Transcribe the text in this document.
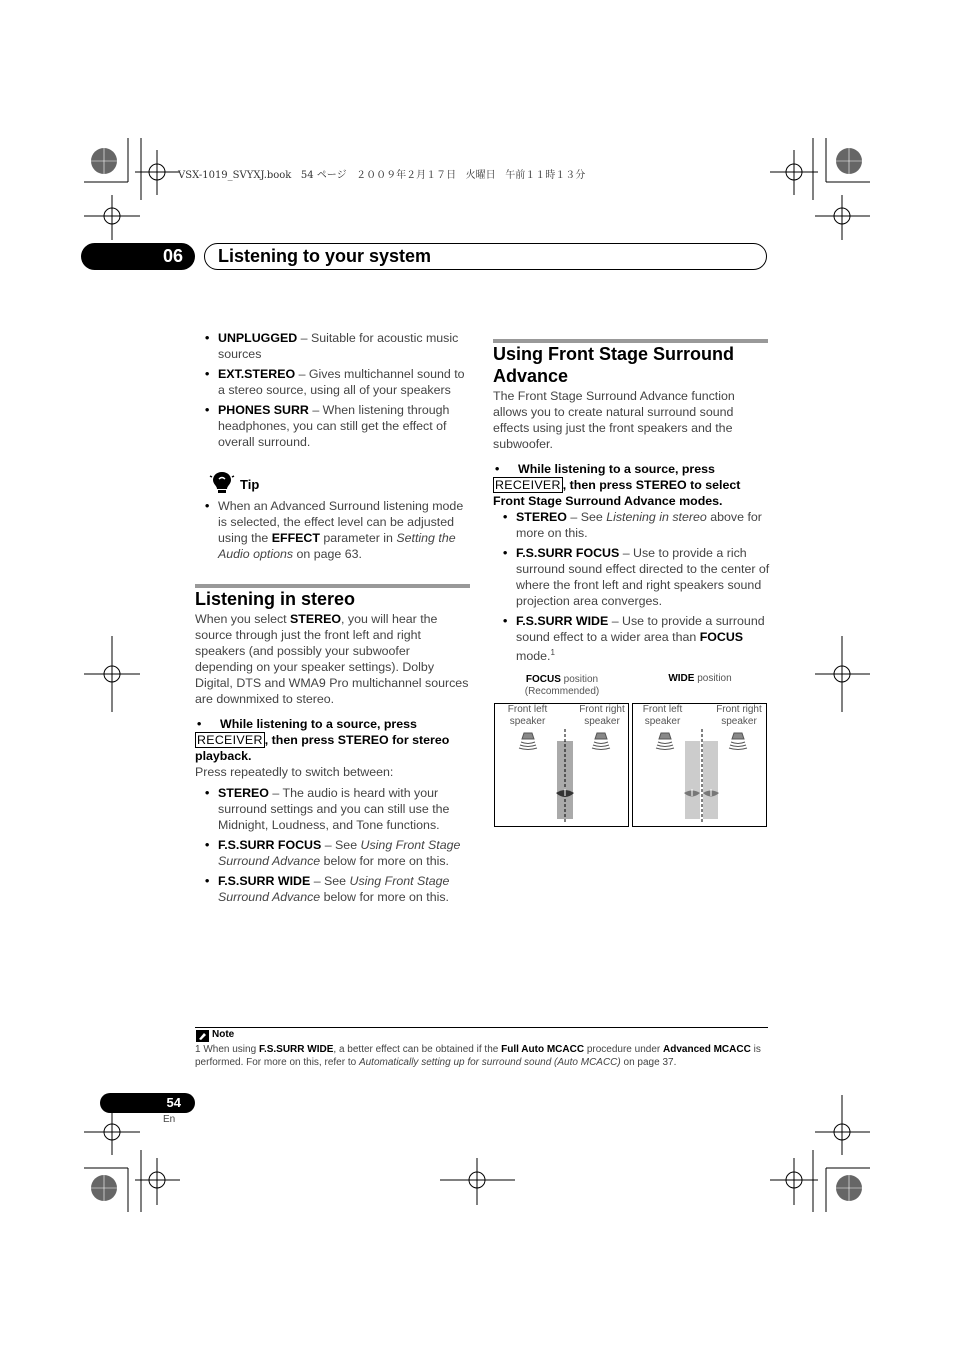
VSX-1019_SVYXJ.book   54 ページ   ２００９年２月１７日   火曜日   午前１１時１３分
06	Listening to your system
• UNPLUGGED – Suitable for acoustic music sources
• EXT.STEREO – Gives multichannel sound to a stereo source, using all of your speakers
• PHONES SURR – When listening through headphones, you can still get the effect of overall surround.
Tip
• When an Advanced Surround listening mode is selected, the effect level can be adjusted using the EFFECT parameter in Setting the Audio options on page 63.
Listening in stereo
When you select STEREO, you will hear the source through just the front left and right speakers (and possibly your subwoofer depending on your speaker settings). Dolby Digital, DTS and WMA9 Pro multichannel sources are downmixed to stereo.
• While listening to a source, press
RECEIVER , then press STEREO for stereo playback.
Press repeatedly to switch between:
• STEREO – The audio is heard with your surround settings and you can still use the Midnight, Loudness, and Tone functions.
• F.S.SURR FOCUS – See Using Front Stage Surround Advance below for more on this.
• F.S.SURR WIDE – See Using Front Stage Surround Advance below for more on this.
Using Front Stage Surround Advance
The Front Stage Surround Advance function allows you to create natural surround sound effects using just the front speakers and the subwoofer.
• While listening to a source, press
RECEIVER , then press STEREO to select Front Stage Surround Advance modes.
• STEREO – See Listening in stereo above for more on this.
• F.S.SURR FOCUS – Use to provide a rich surround sound effect directed to the center of where the front left and right speakers sound projection area converges.
• F.S.SURR WIDE – Use to provide a surround sound effect to a wider area than FOCUS mode.$^1$
FOCUS position
(Recommended)
WIDE position
Front left
speaker
Front right
speaker
Front left
speaker
Front right
speaker
Note
1 When using F.S.SURR WIDE, a better effect can be obtained if the Full Auto MCACC procedure under Advanced MCACC is performed. For more on this, refer to Automatically setting up for surround sound (Auto MCACC) on page 37.
54
En
